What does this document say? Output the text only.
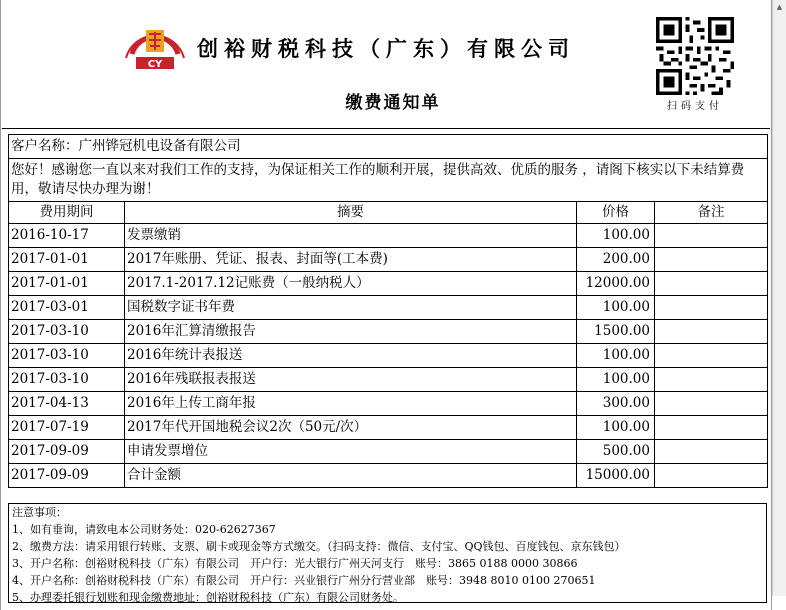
▲
CY
创裕财税科技（广东）有限公司
缴费通知单	扫码支付
客户名称：广州铧冠机电设备有限公司			
您好！感谢您一直以来对我们工作的支持，为保证相关工作的顺利开展，提供高效、优质的服务 ，请阁下核实以下未结算费用，敬请尽快办理为谢！			
费用期间	摘要	价格	备注
2016-10-17	发票缴销	100.00	
2017-01-01	2017年账册、凭证、报表、封面等(工本费)	200.00	
2017-01-01	2017.1-2017.12记账费（一般纳税人）	12000.00	
2017-03-01	国税数字证书年费	100.00	
2017-03-10	2016年汇算清缴报告	1500.00	
2017-03-10	2016年统计表报送	100.00	
2017-03-10	2016年残联报表报送	100.00	
2017-04-13	2016年上传工商年报	300.00	
2017-07-19	2017年代开国地税会议2次（50元/次）	100.00	
2017-09-09	申请发票增位	500.00	
2017-09-09	合计金额	15000.00	
注意事项：
1、如有垂询，请致电本公司财务处：020-62627367
2、缴费方法：请采用银行转账、支票、刷卡或现金等方式缴交。（扫码支持：微信、支付宝、QQ钱包、百度钱包、京东钱包）
3、开户名称：创裕财税科技（广东）有限公司　开户行：光大银行广州天河支行　账号：3865 0188 0000 30866
4、开户名称：创裕财税科技（广东）有限公司　开户行：兴业银行广州分行营业部　账号：3948 8010 0100 270651
5、办理委托银行划账和现金缴费地址：创裕财税科技（广东）有限公司财务处。
